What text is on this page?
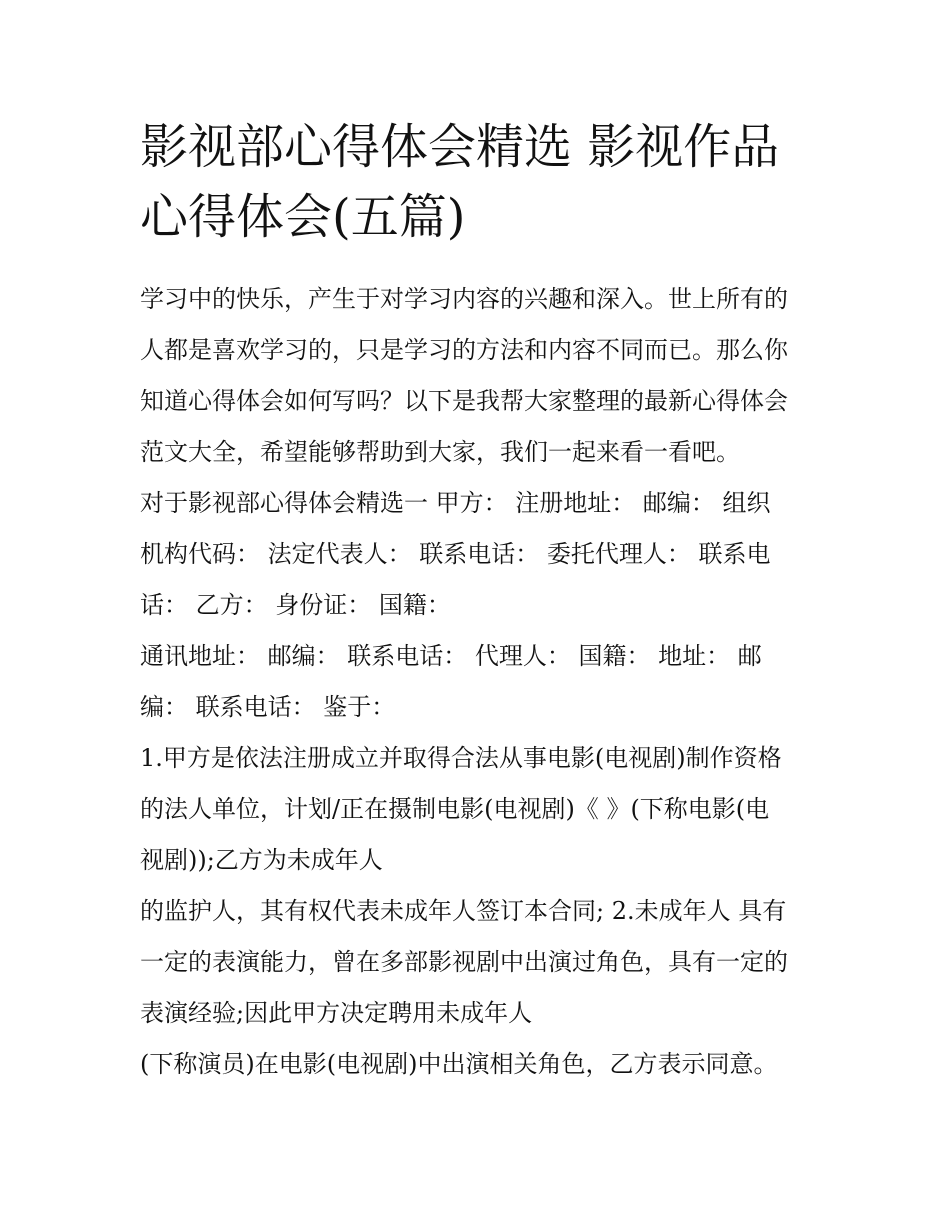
影视部心得体会精选 影视作品
心得体会(五篇)

学习中的快乐，产生于对学习内容的兴趣和深入。世上所有的
人都是喜欢学习的，只是学习的方法和内容不同而已。那么你
知道心得体会如何写吗？以下是我帮大家整理的最新心得体会
范文大全，希望能够帮助到大家，我们一起来看一看吧。

对于影视部心得体会精选一 甲方： 注册地址： 邮编： 组织
机构代码： 法定代表人： 联系电话： 委托代理人： 联系电
话： 乙方： 身份证： 国籍：

通讯地址： 邮编： 联系电话： 代理人： 国籍： 地址： 邮
编： 联系电话： 鉴于：

1.甲方是依法注册成立并取得合法从事电影(电视剧)制作资格
的法人单位，计划/正在摄制电影(电视剧)《 》(下称电影(电
视剧));乙方为未成年人

的监护人，其有权代表未成年人签订本合同; 2.未成年人 具有
一定的表演能力，曾在多部影视剧中出演过角色，具有一定的
表演经验;因此甲方决定聘用未成年人

(下称演员)在电影(电视剧)中出演相关角色，乙方表示同意。
